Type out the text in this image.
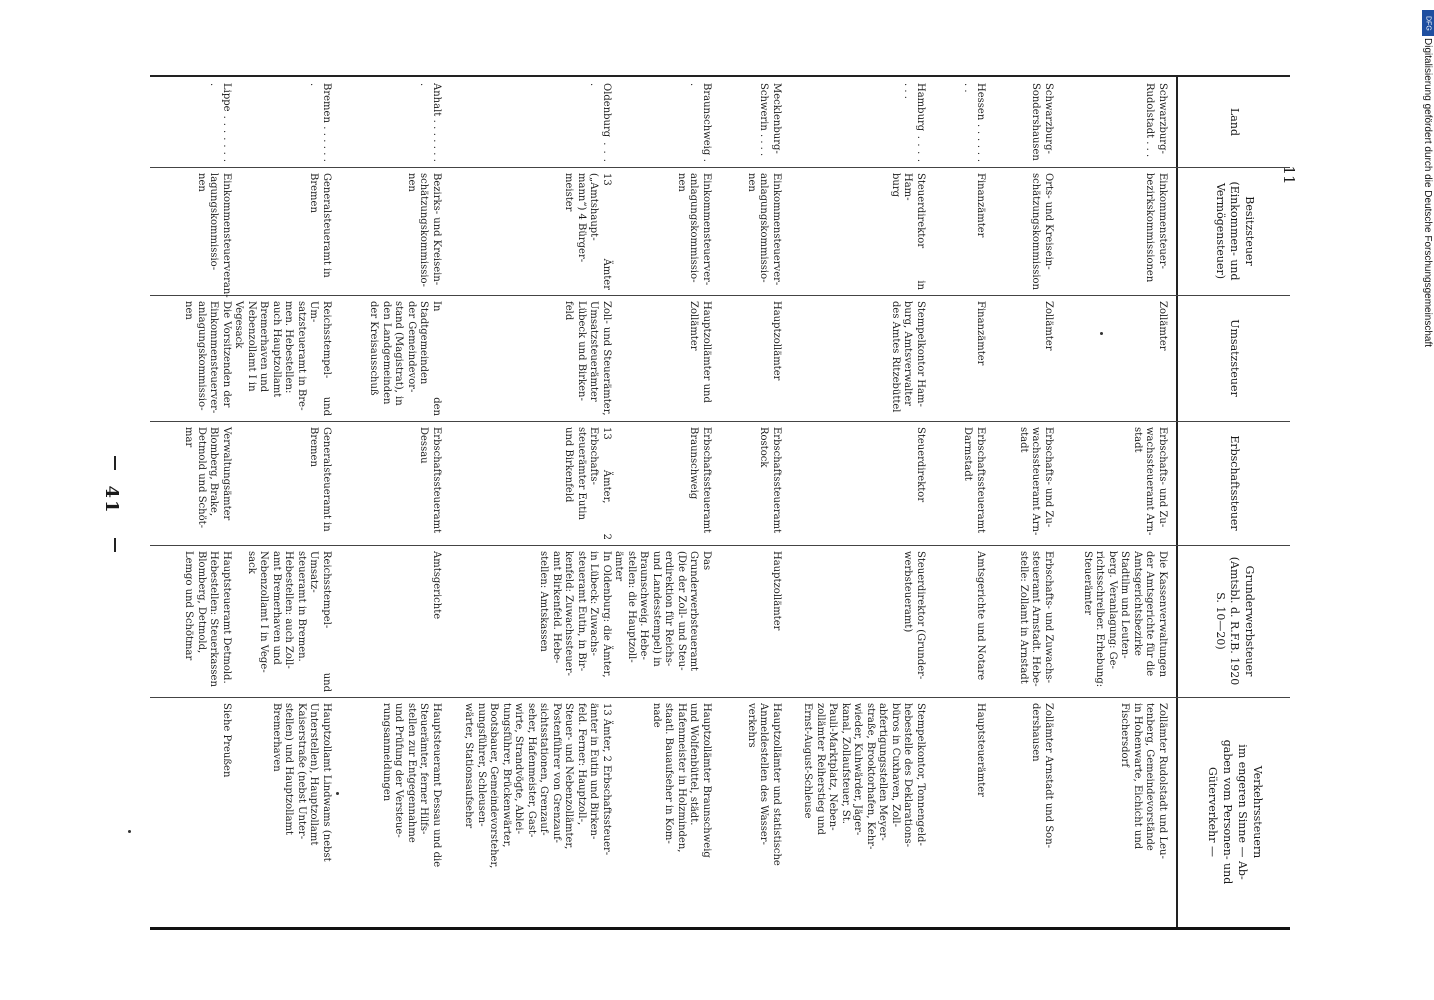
41
11
DFG
Digitalisierung gefördert durch die Deutsche Forschungsgemeinschaft
Land
Besitzsteuer
(Einkommen- und
Vermögensteuer)
Umsatzsteuer
Erbschaftssteuer
Grunderwerbsteuer
(Amtsbl. d. R.F.B. 1920
S. 10—20)
Verkehrssteuern
im engeren Sinne — Ab-
gaben vom Personen- und
Güterverkehr —
Schwarzburg-
Rudolstadt . . .
Einkommensteuer-
bezirkskommissionen
Zollämter
Erbschafts- und Zu-
wachssteueramt Arn-
stadt
Die Kassenverwaltungen
der Amtsgerichte für die
Amtsgerichtsbezirke
Stadtilm und Leuten-
berg. Veranlagung: Ge-
richtsschreiber. Erhebung:
Steuerämter
Zollämter Rudolstadt und Leu-
tenberg, Gemeindevorstände
in Hohenwarte, Eichicht und
Fischersdorf
Schwarzburg-
Sondershausen
Orts- und Kreisein-
schätzungskommission
Zollämter
Erbschafts- und Zu-
wachssteueramt Arn-
stadt
Erbschafts- und Zuwachs-
steueramt Arnstadt. Hebe-
stelle: Zollamt in Arnstadt
Zollämter Arnstadt und Son-
dershausen
Hessen . . . . . . . .
Finanzämter
Finanzämter
Erbschaftssteueramt
Darmstadt
Amtsgerichte und Notare
Hauptsteuerämter
Hamburg . . . . . . .
Steuerdirektor in Ham-
burg
Stempelkontor Ham-
burg, Amtsverwalter
des Amtes Ritzebüttel
Steuerdirektor
Steuerdirektor (Grunder-
werbsteueramt)
Stempelkontor, Tonnengeld-
hebestelle des Deklarations-
büros in Cuxhaven, Zoll-
abfertigungsstellen Meyer-
straße, Brooktorhafen, Kehr-
wieder, Kuhwärder, Jäger-
kanal, Zollaufsteuer, St.
Pauli-Marktplatz, Neben-
zollämter Reiherstieg und
Ernst-August-Schleuse
Mecklenburg-
Schwerin . . . .
Einkommensteuerver-
anlagungskommissio-
nen
Hauptzollämter
Erbschaftssteueramt
Rostock
Hauptzollämter
Hauptzollämter und statistische
Anmeldestellen des Wasser-
verkehrs
Braunschweig . .
Einkommensteuerver-
anlagungskommissio-
nen
Hauptzollämter und
Zollämter
Erbschaftssteueramt
Braunschweig
Das Grunderwerbsteueramt
(Die der Zoll- und Steu-
erdirektion für Reichs-
und Landesstempel) in
Braunschweig. Hebe-
stellen: die Hauptzoll-
ämter
Hauptzollämter Braunschweig
und Wolfenbüttel, städt.
Hafenmeister in Holzminden,
staatl. Bauaufseher in Kom-
nade
Oldenburg . . . .
13 Ämter („Amtshaupt-
mann“) 4 Bürger-
meister
Zoll- und Steuerämter,
Umsatzsteuerämter
Lübeck und Birken-
feld
13 Ämter, 2 Erbschafts-
steuerämter Eutin
und Birkenfeld
In Oldenburg: die Ämter,
in Lübeck: Zuwachs-
steueramt Eutin, in Bir-
kenfeld: Zuwachssteuer-
amt Birkenfeld. Hebe-
stellen: Amtskassen
13 Ämter, 2 Erbschaftssteuer-
ämter in Eutin und Birken-
feld. Ferner: Hauptzoll-,
Steuer- und Nebenzollämter,
Postenführer von Grenzauf-
sichtsstationen, Grenzauf-
seher, Hafenmeister, Gast-
wirte, Strandvögte, Ablei-
tungsführer, Brückenwärter,
Bootsbauer, Gemeindevorsteher,
nungsführer, Schleusen-
wärter, Stationsaufseher
Anhalt . . . . . . . .
Bezirks- und Kreisein-
schätzungskommissio-
nen
In den Stadtgemeinden
der Gemeindevor-
stand (Magistrat), in
den Landgemeinden
der Kreisausschuß
Erbschaftssteueramt
Dessau
Amtsgerichte
Hauptsteueramt Dessau und die
Steuerämter, ferner Hilfs-
stellen zur Entgegennahme
und Prüfung der Versteue-
rungsanmeldungen
Bremen . . . . . . .
Generalsteueramt in
Bremen
Reichsstempel- und Um-
satzsteueramt in Bre-
men. Hebestellen:
auch Hauptzollamt
Bremerhaven und
Nebenzollamt I in
Vegesack
Generalsteueramt in
Bremen
Reichsstempel- und Umsatz-
steueramt in Bremen.
Hebestellen: auch Zoll-
amt Bremerhaven und
Nebenzollamt I in Vege-
sack
Hauptzollamt Lindwams (nebst
Unterstellen), Hauptzollamt
Kaiserstraße (nebst Unter-
stellen) und Hauptzollamt
Bremerhaven
Lippe . . . . . . . .
Einkommensteuerveran-
lagungskommissio-
nen
Die Vorsitzenden der
Einkommensteuerver-
anlagungskommissio-
nen
Verwaltungsämter
Blomberg, Brake,
Detmold und Schöt-
mar
Hauptsteueramt Detmold.
Hebestellen: Steuerkassen
Blomberg, Detmold,
Lemgo und Schötmar
Siehe Preußen
